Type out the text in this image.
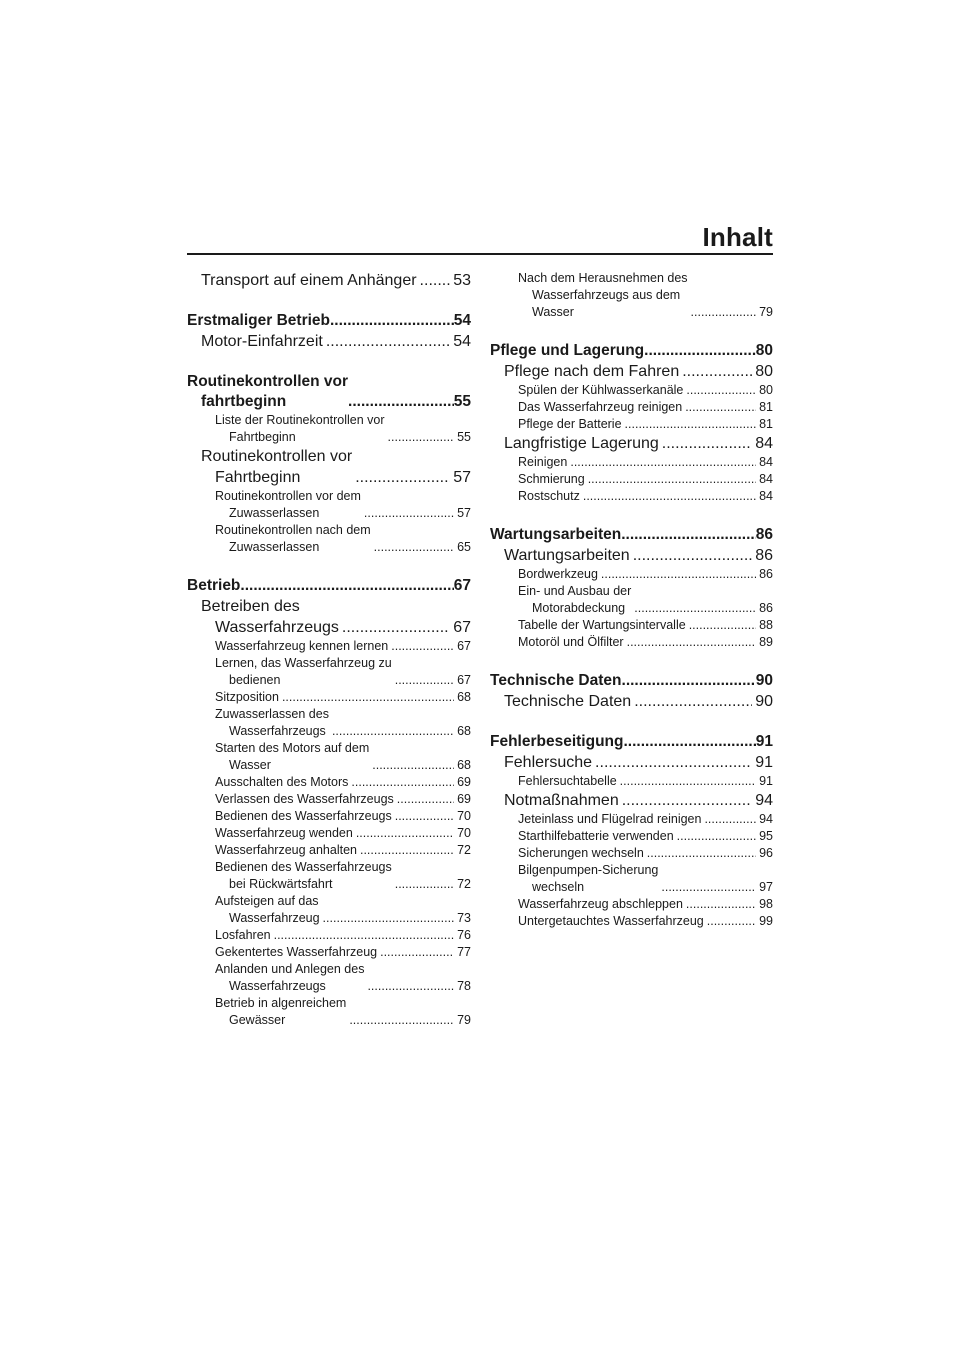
Inhalt
Transport auf einem Anhänger ..... 53
Erstmaliger Betrieb .....	54
Motor-Einfahrzeit .....	54
Routinekontrollen vor
fahrtbeginn .....	55
Liste der Routinekontrollen vor
Fahrtbeginn .....	55
Routinekontrollen vor
Fahrtbeginn .....	57
Routinekontrollen vor dem
Zuwasserlassen .....	57
Routinekontrollen nach dem
Zuwasserlassen .....	65
Betrieb .....	67
Betreiben des
Wasserfahrzeugs .....	67
Wasserfahrzeug kennen lernen .....	67
Lernen, das Wasserfahrzeug zu
bedienen .....	67
Sitzposition .....	68
Zuwasserlassen des
Wasserfahrzeugs .....	68
Starten des Motors auf dem
Wasser .....	68
Ausschalten des Motors .....	69
Verlassen des Wasserfahrzeugs .....	69
Bedienen des Wasserfahrzeugs .....	70
Wasserfahrzeug wenden .....	70
Wasserfahrzeug anhalten .....	72
Bedienen des Wasserfahrzeugs
bei Rückwärtsfahrt .....	72
Aufsteigen auf das
Wasserfahrzeug .....	73
Losfahren .....	76
Gekentertes Wasserfahrzeug .....	77
Anlanden und Anlegen des
Wasserfahrzeugs .....	78
Betrieb in algenreichem
Gewässer .....	79
Nach dem Herausnehmen des
Wasserfahrzeugs aus dem
Wasser .....	79
Pflege und Lagerung .....	80
Pflege nach dem Fahren .....	80
Spülen der Kühlwasserkanäle .....	80
Das Wasserfahrzeug reinigen .....	81
Pflege der Batterie .....	81
Langfristige Lagerung .....	84
Reinigen .....	84
Schmierung .....	84
Rostschutz .....	84
Wartungsarbeiten .....	86
Wartungsarbeiten .....	86
Bordwerkzeug .....	86
Ein- und Ausbau der
Motorabdeckung .....	86
Tabelle der Wartungsintervalle .....	88
Motoröl und Ölfilter .....	89
Technische Daten .....	90
Technische Daten .....	90
Fehlerbeseitigung .....	91
Fehlersuche .....	91
Fehlersuchtabelle .....	91
Notmaßnahmen .....	94
Jeteinlass und Flügelrad reinigen .....	94
Starthilfebatterie verwenden .....	95
Sicherungen wechseln .....	96
Bilgenpumpen-Sicherung
wechseln .....	97
Wasserfahrzeug abschleppen .....	98
Untergetauchtes Wasserfahrzeug .....	99
